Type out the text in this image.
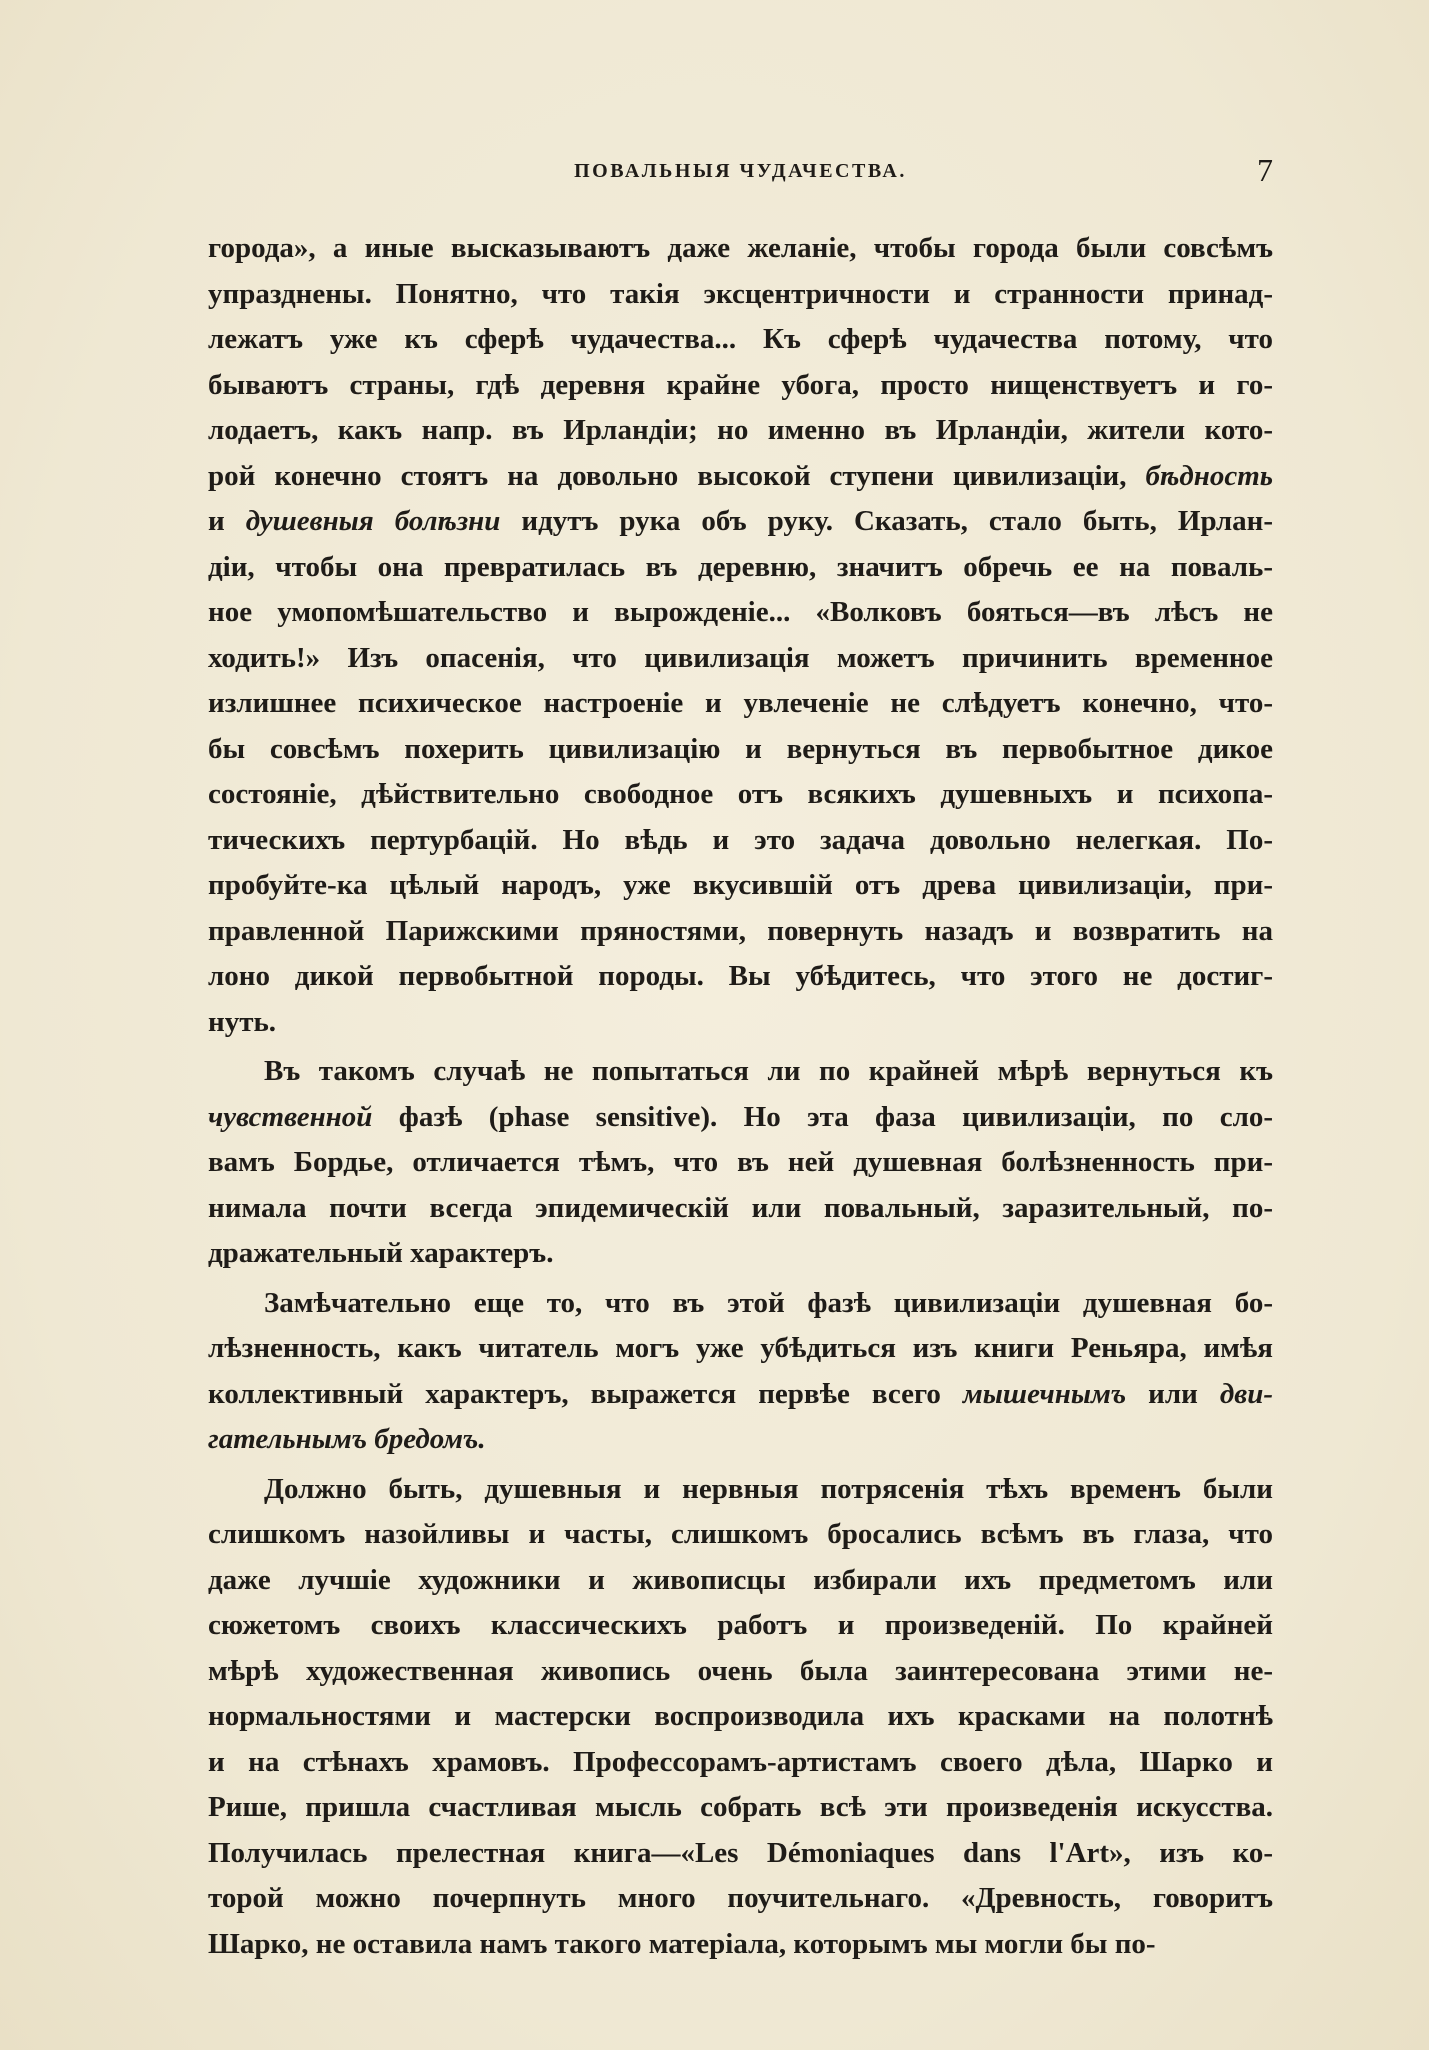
ПОВАЛЬНЫЯ ЧУДАЧЕСТВА.	7
города», а иные высказываютъ даже желанiе, чтобы города были совсѣмъ
упразднены. Понятно, что такiя эксцентричности и странности принад-
лежатъ уже къ сферѣ чудачества... Къ сферѣ чудачества потому, что
бываютъ страны, гдѣ деревня крайне убога, просто нищенствуетъ и го-
лодаетъ, какъ напр. въ Ирландiи; но именно въ Ирландiи, жители кото-
рой конечно стоятъ на довольно высокой ступени цивилизацiи, бѣдность
и душевныя болѣзни идутъ рука объ руку. Сказать, стало быть, Ирлан-
дiи, чтобы она превратилась въ деревню, значитъ обречь ее на поваль-
ное умопомѣшательство и вырожденiе... «Волковъ бояться—въ лѣсъ не
ходить!» Изъ опасенiя, что цивилизацiя можетъ причинить временное
излишнее психическое настроенiе и увлеченiе не слѣдуетъ конечно, что-
бы совсѣмъ похерить цивилизацiю и вернуться въ первобытное дикое
состоянiе, дѣйствительно свободное отъ всякихъ душевныхъ и психопа-
тическихъ пертурбацiй. Но вѣдь и это задача довольно нелегкая. По-
пробуйте-ка цѣлый народъ, уже вкусившiй отъ древа цивилизацiи, при-
правленной Парижскими пряностями, повернуть назадъ и возвратить на
лоно дикой первобытной породы. Вы убѣдитесь, что этого не достиг-
нуть.
Въ такомъ случаѣ не попытаться ли по крайней мѣрѣ вернуться къ
чувственной фазѣ (phase sensitive). Но эта фаза цивилизацiи, по сло-
вамъ Бордье, отличается тѣмъ, что въ ней душевная болѣзненность при-
нимала почти всегда эпидемическiй или повальный, заразительный, по-
дражательный характеръ.
Замѣчательно еще то, что въ этой фазѣ цивилизацiи душевная бо-
лѣзненность, какъ читатель могъ уже убѣдиться изъ книги Реньяра, имѣя
коллективный характеръ, выражется первѣе всего мышечнымъ или дви-
гательнымъ бредомъ.
Должно быть, душевныя и нервныя потрясенiя тѣхъ временъ были
слишкомъ назойливы и часты, слишкомъ бросались всѣмъ въ глаза, что
даже лучшiе художники и живописцы избирали ихъ предметомъ или
сюжетомъ своихъ классическихъ работъ и произведенiй. По крайней
мѣрѣ художественная живопись очень была заинтересована этими не-
нормальностями и мастерски воспроизводила ихъ красками на полотнѣ
и на стѣнахъ храмовъ. Профессорамъ-артистамъ своего дѣла, Шарко и
Рише, пришла счастливая мысль собрать всѣ эти произведенiя искусства.
Получилась прелестная книга—«Les Démoniaques dans l'Art», изъ ко-
торой можно почерпнуть много поучительнаго. «Древность, говоритъ
Шарко, не оставила намъ такого матерiала, которымъ мы могли бы по-
